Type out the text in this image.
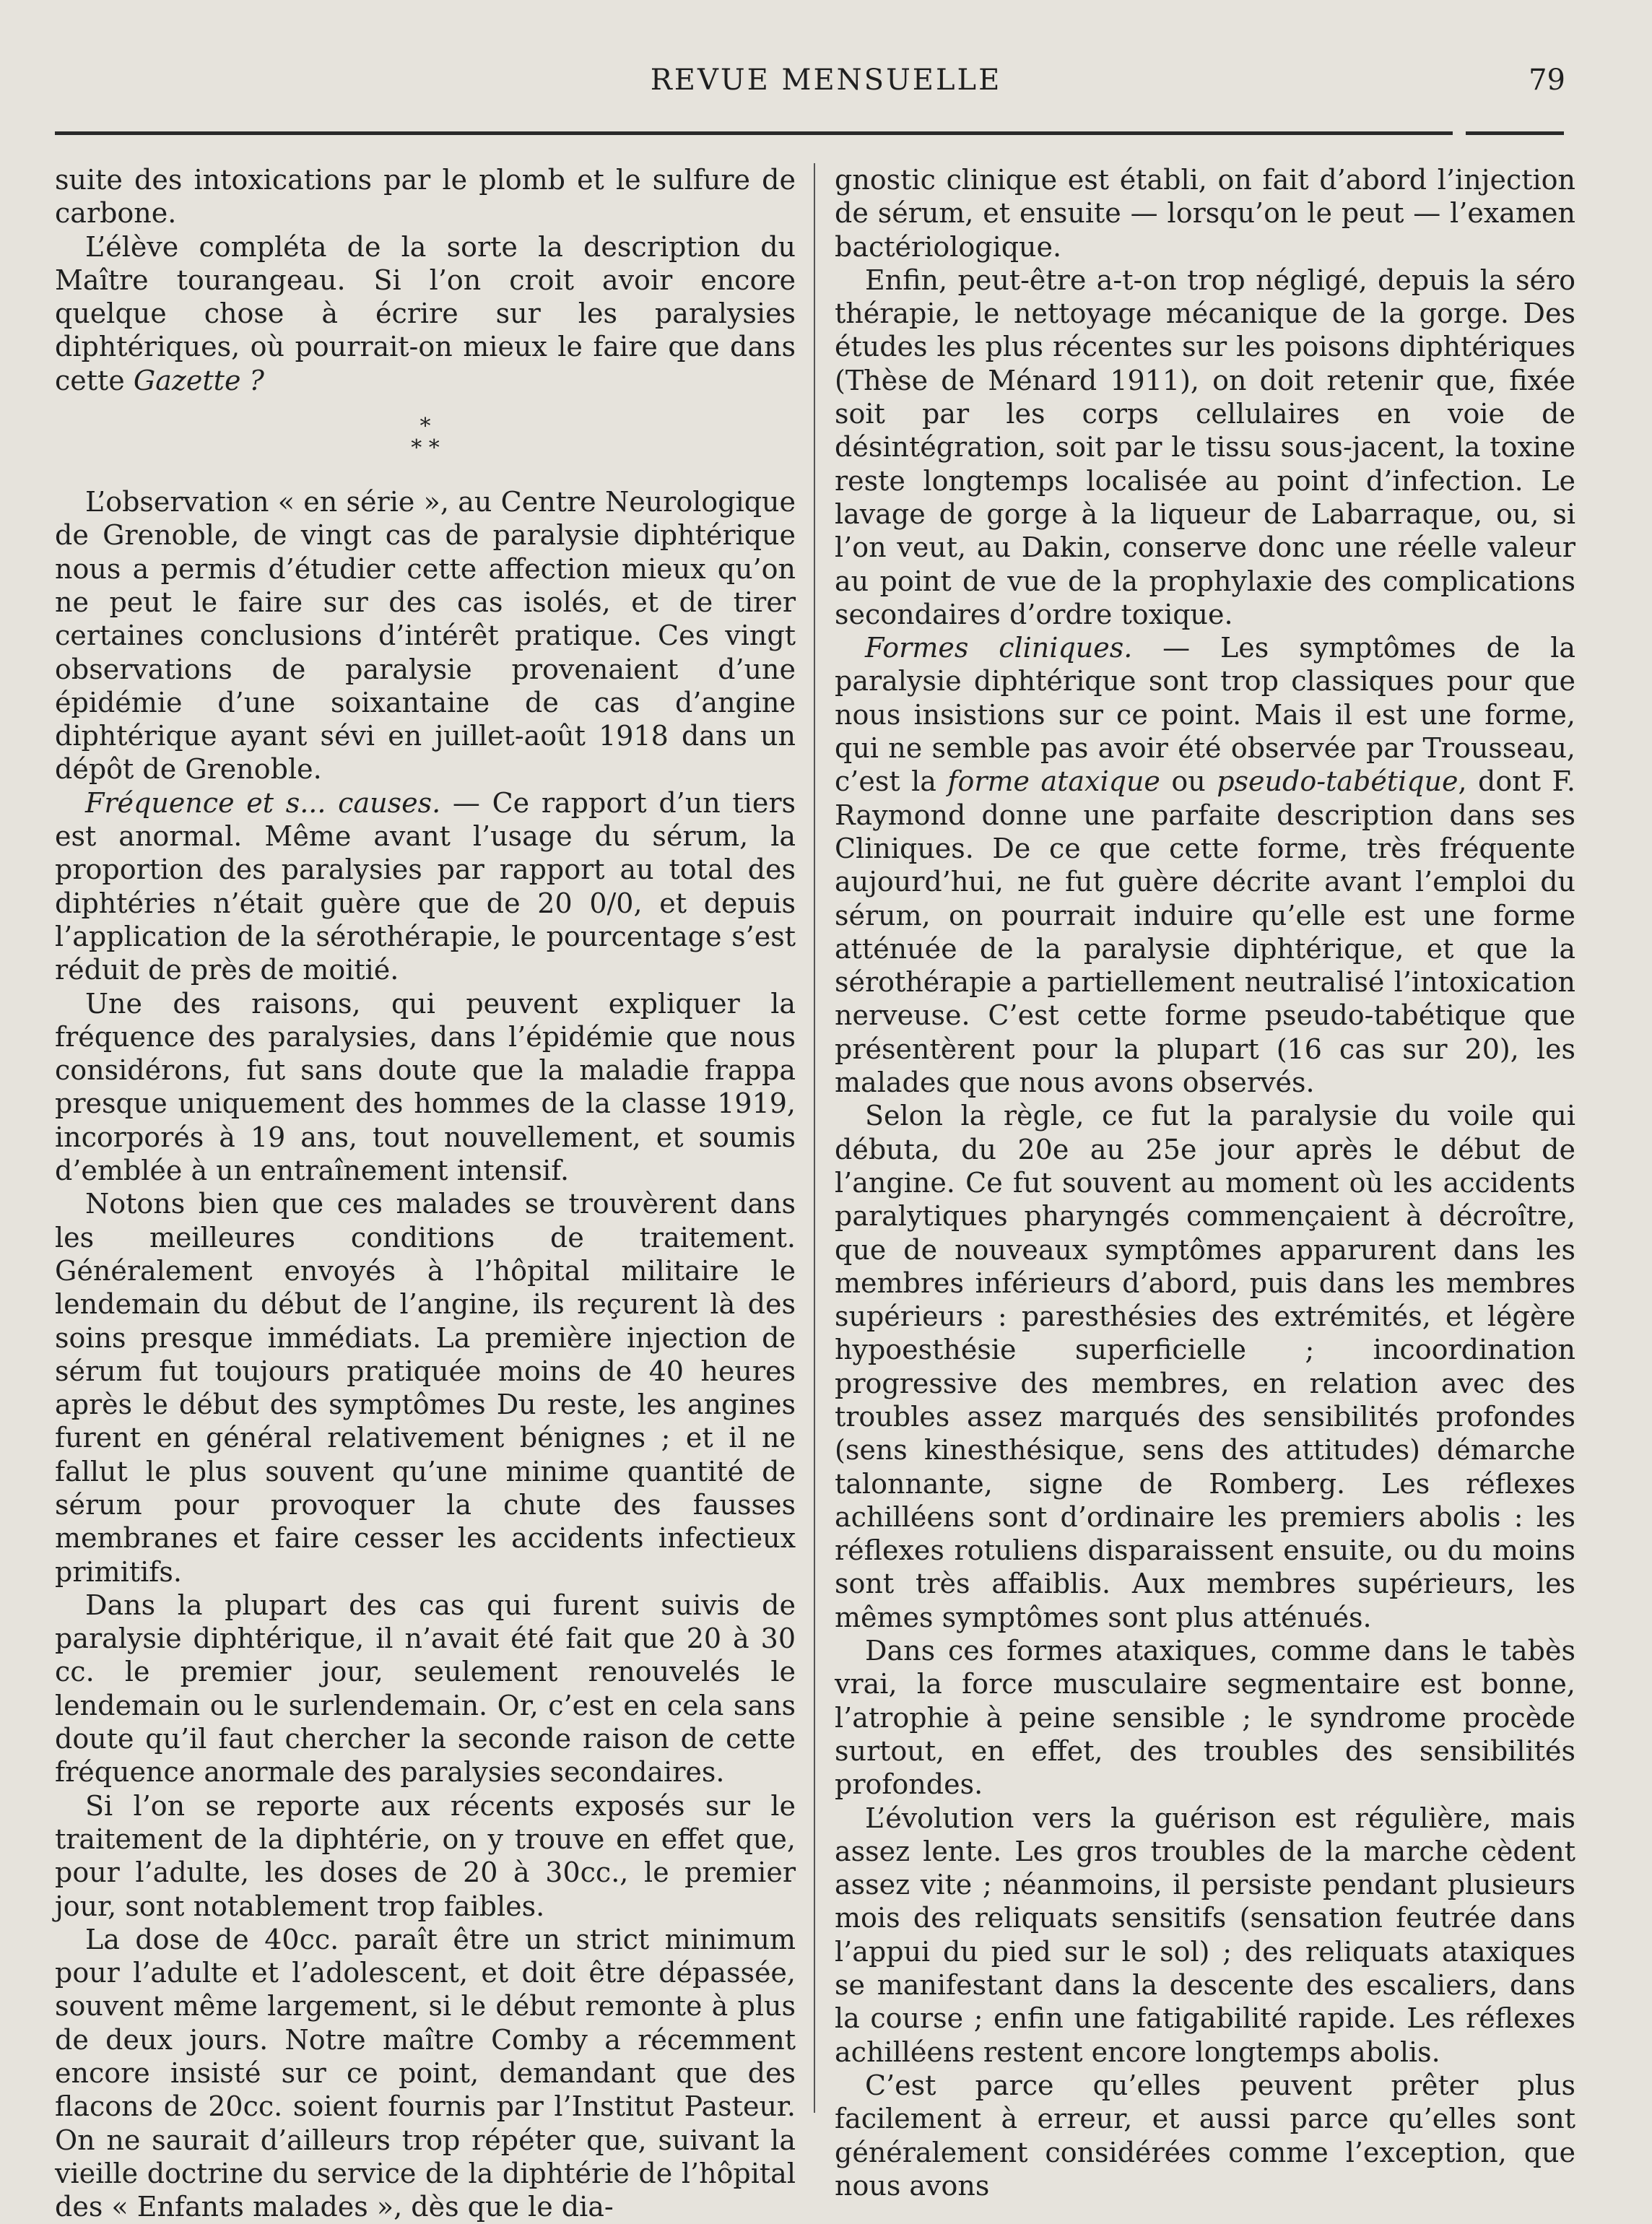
REVUE MENSUELLE	79

suite des intoxications par le plomb et le sulfure de carbone.

L’élève compléta de la sorte la description du Maître tourangeau. Si l’on croit avoir encore quelque chose à écrire sur les paralysies diphtériques, où pourrait-on mieux le faire que dans cette Gazette ?

*
* *

L’observation « en série », au Centre Neurologique de Grenoble, de vingt cas de paralysie diphtérique nous a permis d’étudier cette affection mieux qu’on ne peut le faire sur des cas isolés, et de tirer certaines conclusions d’intérêt pratique. Ces vingt observations de paralysie provenaient d’une épidémie d’une soixantaine de cas d’angine diphtérique ayant sévi en juillet-août 1918 dans un dépôt de Grenoble.

Fréquence et s... causes. — Ce rapport d’un tiers est anormal. Même avant l’usage du sérum, la proportion des paralysies par rapport au total des diphtéries n’était guère que de 20 0/0, et depuis l’application de la sérothérapie, le pourcentage s’est réduit de près de moitié.

Une des raisons, qui peuvent expliquer la fréquence des paralysies, dans l’épidémie que nous considérons, fut sans doute que la maladie frappa presque uniquement des hommes de la classe 1919, incorporés à 19 ans, tout nouvellement, et soumis d’emblée à un entraînement intensif.

Notons bien que ces malades se trouvèrent dans les meilleures conditions de traitement. Généralement envoyés à l’hôpital militaire le lendemain du début de l’angine, ils reçurent là des soins presque immédiats. La première injection de sérum fut toujours pratiquée moins de 40 heures après le début des symptômes Du reste, les angines furent en général relativement bénignes ; et il ne fallut le plus souvent qu’une minime quantité de sérum pour provoquer la chute des fausses membranes et faire cesser les accidents infectieux primitifs.

Dans la plupart des cas qui furent suivis de paralysie diphtérique, il n’avait été fait que 20 à 30 cc. le premier jour, seulement renouvelés le lendemain ou le surlendemain. Or, c’est en cela sans doute qu’il faut chercher la seconde raison de cette fréquence anormale des paralysies secondaires.

Si l’on se reporte aux récents exposés sur le traitement de la diphtérie, on y trouve en effet que, pour l’adulte, les doses de 20 à 30cc., le premier jour, sont notablement trop faibles.

La dose de 40cc. paraît être un strict minimum pour l’adulte et l’adolescent, et doit être dépassée, souvent même largement, si le début remonte à plus de deux jours. Notre maître Comby a récemment encore insisté sur ce point, demandant que des flacons de 20cc. soient fournis par l’Institut Pasteur. On ne saurait d’ailleurs trop répéter que, suivant la vieille doctrine du service de la diphtérie de l’hôpital des « Enfants malades », dès que le dia-

gnostic clinique est établi, on fait d’abord l’injection de sérum, et ensuite — lorsqu’on le peut — l’examen bactériologique.

Enfin, peut-être a-t-on trop négligé, depuis la séro thérapie, le nettoyage mécanique de la gorge. Des études les plus récentes sur les poisons diphtériques (Thèse de Ménard 1911), on doit retenir que, fixée soit par les corps cellulaires en voie de désintégration, soit par le tissu sous-jacent, la toxine reste longtemps localisée au point d’infection. Le lavage de gorge à la liqueur de Labarraque, ou, si l’on veut, au Dakin, conserve donc une réelle valeur au point de vue de la prophylaxie des complications secondaires d’ordre toxique.

Formes cliniques. — Les symptômes de la paralysie diphtérique sont trop classiques pour que nous insistions sur ce point. Mais il est une forme, qui ne semble pas avoir été observée par Trousseau, c’est la forme ataxique ou pseudo-tabétique, dont F. Raymond donne une parfaite description dans ses Cliniques. De ce que cette forme, très fréquente aujourd’hui, ne fut guère décrite avant l’emploi du sérum, on pourrait induire qu’elle est une forme atténuée de la paralysie diphtérique, et que la sérothérapie a partiellement neutralisé l’intoxication nerveuse. C’est cette forme pseudo-tabétique que présentèrent pour la plupart (16 cas sur 20), les malades que nous avons observés.

Selon la règle, ce fut la paralysie du voile qui débuta, du 20e au 25e jour après le début de l’angine. Ce fut souvent au moment où les accidents paralytiques pharyngés commençaient à décroître, que de nouveaux symptômes apparurent dans les membres inférieurs d’abord, puis dans les membres supérieurs : paresthésies des extrémités, et légère hypoesthésie superficielle ; incoordination progressive des membres, en relation avec des troubles assez marqués des sensibilités profondes (sens kinesthésique, sens des attitudes) démarche talonnante, signe de Romberg. Les réflexes achilléens sont d’ordinaire les premiers abolis : les réflexes rotuliens disparaissent ensuite, ou du moins sont très affaiblis. Aux membres supérieurs, les mêmes symptômes sont plus atténués.

Dans ces formes ataxiques, comme dans le tabès vrai, la force musculaire segmentaire est bonne, l’atrophie à peine sensible ; le syndrome procède surtout, en effet, des troubles des sensibilités profondes.

L’évolution vers la guérison est régulière, mais assez lente. Les gros troubles de la marche cèdent assez vite ; néanmoins, il persiste pendant plusieurs mois des reliquats sensitifs (sensation feutrée dans l’appui du pied sur le sol) ; des reliquats ataxiques se manifestant dans la descente des escaliers, dans la course ; enfin une fatigabilité rapide. Les réflexes achilléens restent encore longtemps abolis.

C’est parce qu’elles peuvent prêter plus facilement à erreur, et aussi parce qu’elles sont généralement considérées comme l’exception, que nous avons
